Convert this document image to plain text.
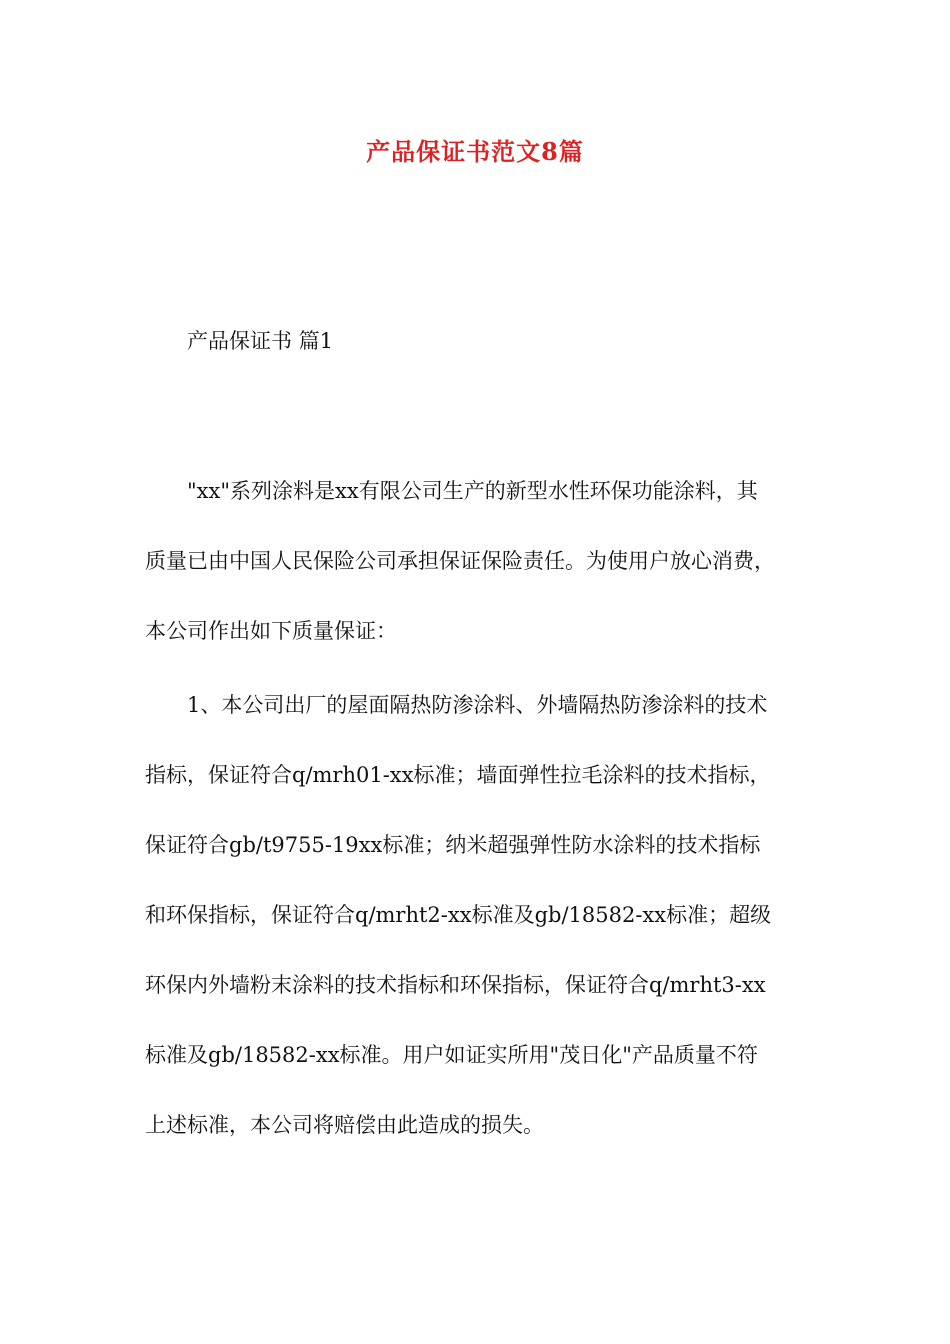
产品保证书范文8篇
产品保证书 篇1
"xx"系列涂料是xx有限公司生产的新型水性环保功能涂料，其
质量已由中国人民保险公司承担保证保险责任。为使用户放心消费，
本公司作出如下质量保证：
1、本公司出厂的屋面隔热防渗涂料、外墙隔热防渗涂料的技术
指标，保证符合q/mrh01-xx标准；墙面弹性拉毛涂料的技术指标，
保证符合gb/t9755-19xx标准；纳米超强弹性防水涂料的技术指标
和环保指标，保证符合q/mrht2-xx标准及gb/18582-xx标准；超级
环保内外墙粉末涂料的技术指标和环保指标，保证符合q/mrht3-xx
标准及gb/18582-xx标准。用户如证实所用"茂日化"产品质量不符
上述标准，本公司将赔偿由此造成的损失。
